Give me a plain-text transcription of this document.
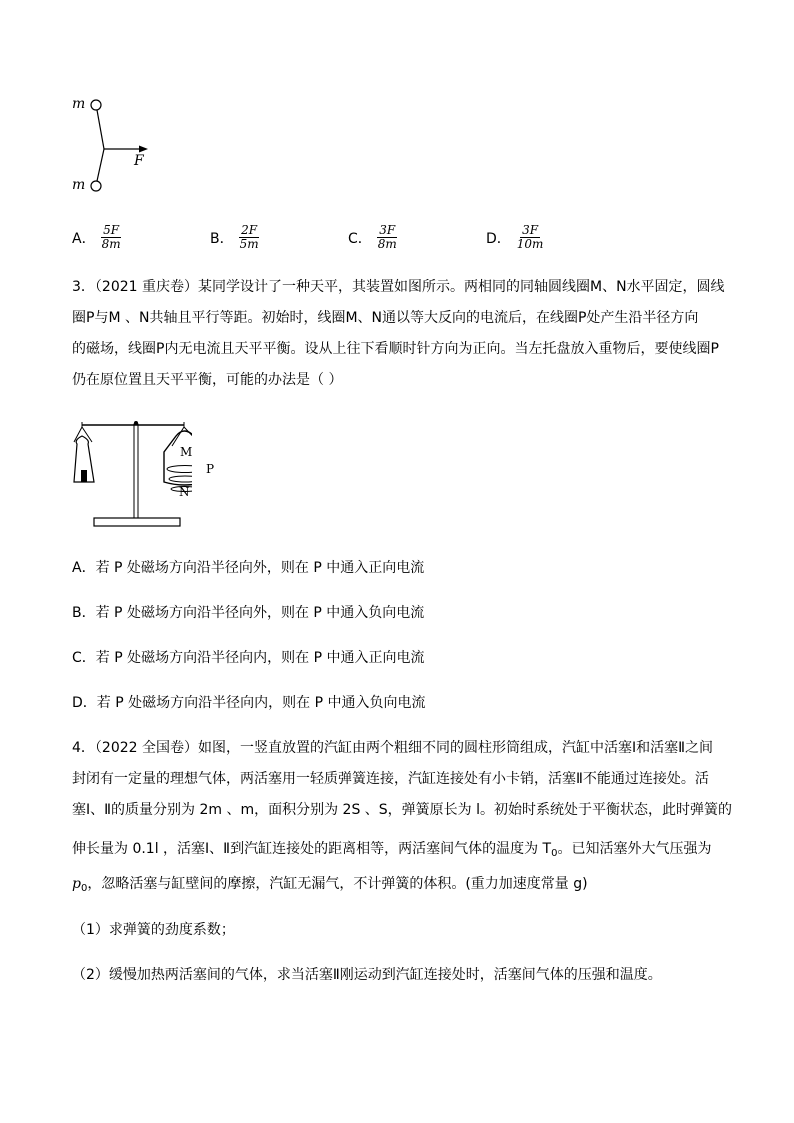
m
m
F
A． $\frac{5F}{8m}$	B． $\frac{2F}{5m}$	C． $\frac{3F}{8m}$	D． $\frac{3F}{10m}$
3．（2021 重庆卷）某同学设计了一种天平，其装置如图所示。两相同的同轴圆线圈M、N水平固定，圆线
圈P与M 、N共轴且平行等距。初始时，线圈M、N通以等大反向的电流后，在线圈P处产生沿半径方向
的磁场，线圈P内无电流且天平平衡。设从上往下看顺时针方向为正向。当左托盘放入重物后，要使线圈P
仍在原位置且天平平衡，可能的办法是（ ）
M
P
N
A．若 P 处磁场方向沿半径向外，则在 P 中通入正向电流
B．若 P 处磁场方向沿半径向外，则在 P 中通入负向电流
C．若 P 处磁场方向沿半径向内，则在 P 中通入正向电流
D．若 P 处磁场方向沿半径向内，则在 P 中通入负向电流
4．（2022 全国卷）如图，一竖直放置的汽缸由两个粗细不同的圆柱形筒组成，汽缸中活塞Ⅰ和活塞Ⅱ之间
封闭有一定量的理想气体，两活塞用一轻质弹簧连接，汽缸连接处有小卡销，活塞Ⅱ不能通过连接处。活
塞Ⅰ、Ⅱ的质量分别为 2m 、m，面积分别为 2S 、S，弹簧原长为 l。初始时系统处于平衡状态，此时弹簧的
伸长量为 0.1l ，活塞Ⅰ、Ⅱ到汽缸连接处的距离相等，两活塞间气体的温度为 $T_0$。已知活塞外大气压强为
$p_0$，忽略活塞与缸壁间的摩擦，汽缸无漏气，不计弹簧的体积。(重力加速度常量 g)
（1）求弹簧的劲度系数；
（2）缓慢加热两活塞间的气体，求当活塞Ⅱ刚运动到汽缸连接处时，活塞间气体的压强和温度。
